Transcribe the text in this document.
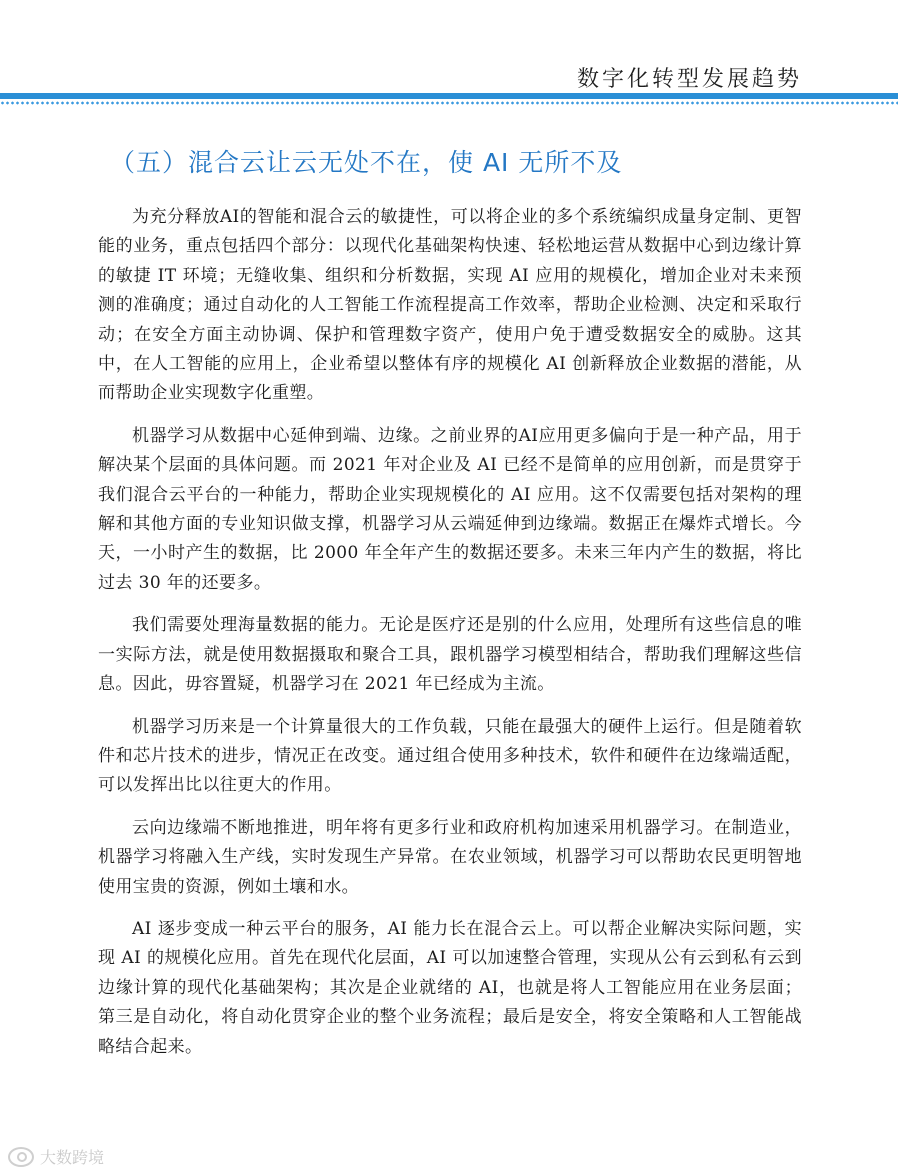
数字化转型发展趋势
（五）混合云让云无处不在，使 AI 无所不及

为充分释放AI的智能和混合云的敏捷性，可以将企业的多个系统编织成量身定制、更智能的业务，重点包括四个部分：以现代化基础架构快速、轻松地运营从数据中心到边缘计算的敏捷 IT 环境；无缝收集、组织和分析数据，实现 AI 应用的规模化，增加企业对未来预测的准确度；通过自动化的人工智能工作流程提高工作效率，帮助企业检测、决定和采取行动；在安全方面主动协调、保护和管理数字资产，使用户免于遭受数据安全的威胁。这其中，在人工智能的应用上，企业希望以整体有序的规模化 AI 创新释放企业数据的潜能，从而帮助企业实现数字化重塑。

机器学习从数据中心延伸到端、边缘。之前业界的AI应用更多偏向于是一种产品，用于解决某个层面的具体问题。而 2021 年对企业及 AI 已经不是简单的应用创新，而是贯穿于我们混合云平台的一种能力，帮助企业实现规模化的 AI 应用。这不仅需要包括对架构的理解和其他方面的专业知识做支撑，机器学习从云端延伸到边缘端。数据正在爆炸式增长。今天，一小时产生的数据，比 2000 年全年产生的数据还要多。未来三年内产生的数据，将比过去 30 年的还要多。

我们需要处理海量数据的能力。无论是医疗还是别的什么应用，处理所有这些信息的唯一实际方法，就是使用数据摄取和聚合工具，跟机器学习模型相结合，帮助我们理解这些信息。因此，毋容置疑，机器学习在 2021 年已经成为主流。

机器学习历来是一个计算量很大的工作负载，只能在最强大的硬件上运行。但是随着软件和芯片技术的进步，情况正在改变。通过组合使用多种技术，软件和硬件在边缘端适配，可以发挥出比以往更大的作用。

云向边缘端不断地推进，明年将有更多行业和政府机构加速采用机器学习。在制造业，机器学习将融入生产线，实时发现生产异常。在农业领域，机器学习可以帮助农民更明智地使用宝贵的资源，例如土壤和水。

AI 逐步变成一种云平台的服务，AI 能力长在混合云上。可以帮企业解决实际问题，实现 AI 的规模化应用。首先在现代化层面，AI 可以加速整合管理，实现从公有云到私有云到边缘计算的现代化基础架构；其次是企业就绪的 AI，也就是将人工智能应用在业务层面；第三是自动化，将自动化贯穿企业的整个业务流程；最后是安全，将安全策略和人工智能战略结合起来。

大数跨境
